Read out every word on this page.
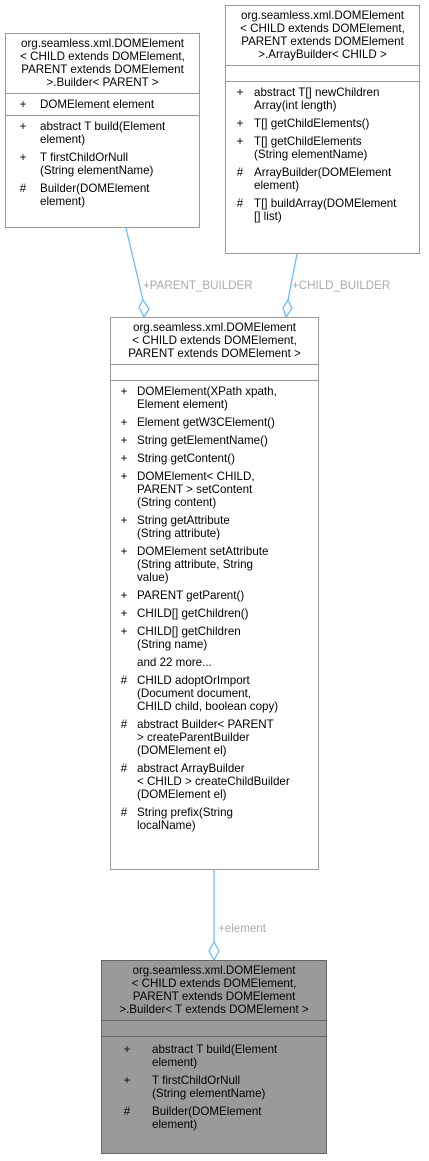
+PARENT_BUILDER	+CHILD_BUILDER
+element
org.seamless.xml.DOMElement
< CHILD extends DOMElement,
PARENT extends DOMElement
>.Builder< PARENT >
+	DOMElement element
+	abstract T build(Element
element)
+	T firstChildOrNull
(String elementName)
#	Builder(DOMElement
element)
org.seamless.xml.DOMElement
< CHILD extends DOMElement,
PARENT extends DOMElement
>.ArrayBuilder< CHILD >
+ abstract T[] newChildren
Array(int length)
+ T[] getChildElements()
+ T[] getChildElements
(String elementName)
# ArrayBuilder(DOMElement
element)
# T[] buildArray(DOMElement
[] list)
org.seamless.xml.DOMElement
< CHILD extends DOMElement,
PARENT extends DOMElement >
+ DOMElement(XPath xpath,
Element element)
+ Element getW3CElement()
+ String getElementName()
+ String getContent()
+ DOMElement< CHILD,
PARENT > setContent
(String content)
+ String getAttribute
(String attribute)
+ DOMElement setAttribute
(String attribute, String
value)
+ PARENT getParent()
+ CHILD[] getChildren()
+ CHILD[] getChildren
(String name)
and 22 more...
# CHILD adoptOrImport
(Document document,
CHILD child, boolean copy)
# abstract Builder< PARENT
> createParentBuilder
(DOMElement el)
# abstract ArrayBuilder
< CHILD > createChildBuilder
(DOMElement el)
# String prefix(String
localName)
org.seamless.xml.DOMElement
< CHILD extends DOMElement,
PARENT extends DOMElement
>.Builder< T extends DOMElement >
+	abstract T build(Element
element)
+	T firstChildOrNull
(String elementName)
#	Builder(DOMElement
element)
